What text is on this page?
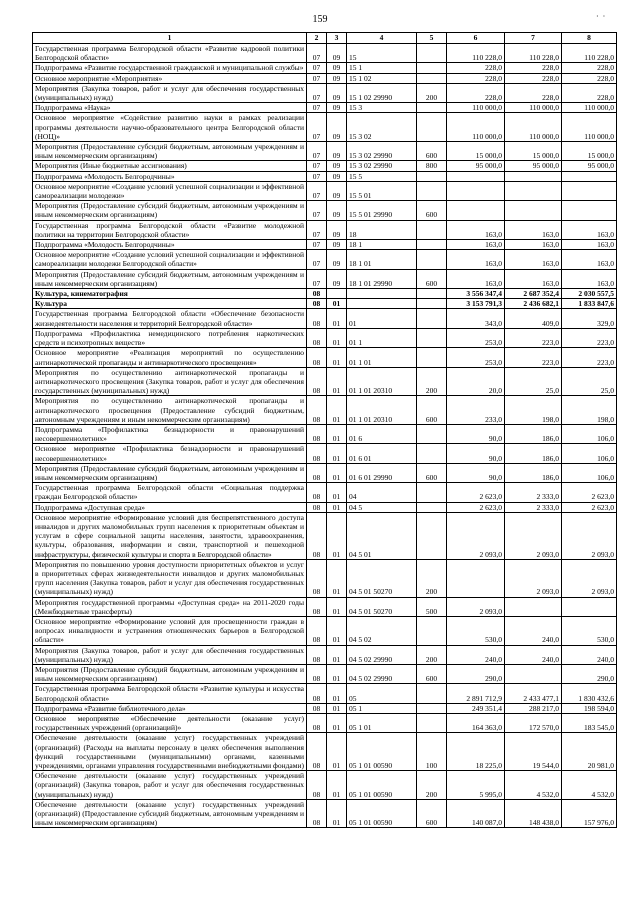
159	· ·
1	2	3	4	5	6	7	8
Государственная программа Белгородской области «Развитие кадровой политики Белгородской области»	07	09	15		110 228,0	110 228,0	110 228,0
Подпрограмма «Развитие государственной гражданской и муниципальной службы»	07	09	15 1		228,0	228,0	228,0
Основное мероприятие «Мероприятия»	07	09	15 1 02		228,0	228,0	228,0
Мероприятия (Закупка товаров, работ и услуг для обеспечения государственных (муниципальных) нужд)	07	09	15 1 02 29990	200	228,0	228,0	228,0
Подпрограмма «Наука»	07	09	15 3		110 000,0	110 000,0	110 000,0
Основное мероприятие «Содействие развитию науки в рамках реализации программы деятельности научно-образовательного центра Белгородской области (НОЦ)»	07	09	15 3 02		110 000,0	110 000,0	110 000,0
Мероприятия (Предоставление субсидий бюджетным, автономным учреждениям и иным некоммерческим организациям)	07	09	15 3 02 29990	600	15 000,0	15 000,0	15 000,0
Мероприятия (Иные бюджетные ассигнования)	07	09	15 3 02 29990	800	95 000,0	95 000,0	95 000,0
Подпрограмма «Молодость Белгородчины»	07	09	15 5				
Основное мероприятие «Создание условий успешной социализации и эффективной самореализации молодежи»	07	09	15 5 01				
Мероприятия (Предоставление субсидий бюджетным, автономным учреждениям и иным некоммерческим организациям)	07	09	15 5 01 29990	600			
Государственная программа Белгородской области «Развитие молодежной политики на территории Белгородской области»	07	09	18		163,0	163,0	163,0
Подпрограмма «Молодость Белгородчины»	07	09	18 1		163,0	163,0	163,0
Основное мероприятие «Создание условий успешной социализации и эффективной самореализации молодежи Белгородской области»	07	09	18 1 01		163,0	163,0	163,0
Мероприятия (Предоставление субсидий бюджетным, автономным учреждениям и иным некоммерческим организациям)	07	09	18 1 01 29990	600	163,0	163,0	163,0
Культура, кинематография	08				3 556 347,4	2 687 352,4	2 030 557,5
Культура	08	01			3 153 791,3	2 436 682,1	1 833 847,6
Государственная программа Белгородской области «Обеспечение безопасности жизнедеятельности населения и территорий Белгородской области»	08	01	01		343,0	409,0	329,0
Подпрограмма «Профилактика немедицинского потребления наркотических средств и психотропных веществ»	08	01	01 1		253,0	223,0	223,0
Основное мероприятие «Реализация мероприятий по осуществлению антинаркотической пропаганды и антинаркотического просвещения»	08	01	01 1 01		253,0	223,0	223,0
Мероприятия по осуществлению антинаркотической пропаганды и антинаркотического просвещения (Закупка товаров, работ и услуг для обеспечения государственных (муниципальных) нужд)	08	01	01 1 01 20310	200	20,0	25,0	25,0
Мероприятия по осуществлению антинаркотической пропаганды и антинаркотического просвещения (Предоставление субсидий бюджетным, автономным учреждениям и иным некоммерческим организациям)	08	01	01 1 01 20310	600	233,0	198,0	198,0
Подпрограмма «Профилактика безнадзорности и правонарушений несовершеннолетних»	08	01	01 6		90,0	186,0	106,0
Основное мероприятие «Профилактика безнадзорности и правонарушений несовершеннолетних»	08	01	01 6 01		90,0	186,0	106,0
Мероприятия (Предоставление субсидий бюджетным, автономным учреждениям и иным некоммерческим организациям)	08	01	01 6 01 29990	600	90,0	186,0	106,0
Государственная программа Белгородской области «Социальная поддержка граждан Белгородской области»	08	01	04		2 623,0	2 333,0	2 623,0
Подпрограмма «Доступная среда»	08	01	04 5		2 623,0	2 333,0	2 623,0
Основное мероприятие «Формирование условий для беспрепятственного доступа инвалидов и других маломобильных групп населения к приоритетным объектам и услугам в сфере социальной защиты населения, занятости, здравоохранения, культуры, образования, информации и связи, транспортной и пешеходной инфраструктуры, физической культуры и спорта в Белгородской области»	08	01	04 5 01		2 093,0	2 093,0	2 093,0
Мероприятия по повышению уровня доступности приоритетных объектов и услуг в приоритетных сферах жизнедеятельности инвалидов и других маломобильных групп населения (Закупка товаров, работ и услуг для обеспечения государственных (муниципальных) нужд)	08	01	04 5 01 50270	200		2 093,0	2 093,0
Мероприятия государственной программы «Доступная среда» на 2011-2020 годы (Межбюджетные трансферты)	08	01	04 5 01 50270	500	2 093,0		
Основное мероприятие «Формирование условий для просвещенности граждан в вопросах инвалидности и устранения отношенческих барьеров в Белгородской области»	08	01	04 5 02		530,0	240,0	530,0
Мероприятия (Закупка товаров, работ и услуг для обеспечения государственных (муниципальных) нужд)	08	01	04 5 02 29990	200	240,0	240,0	240,0
Мероприятия (Предоставление субсидий бюджетным, автономным учреждениям и иным некоммерческим организациям)	08	01	04 5 02 29990	600	290,0		290,0
Государственная программа Белгородской области «Развитие культуры и искусства Белгородской области»	08	01	05		2 891 712,9	2 433 477,1	1 830 432,6
Подпрограмма «Развитие библиотечного дела»	08	01	05 1		249 351,4	288 217,0	198 594,0
Основное мероприятие «Обеспечение деятельности (оказание услуг) государственных учреждений (организаций)»	08	01	05 1 01		164 363,0	172 570,0	183 545,0
Обеспечение деятельности (оказание услуг) государственных учреждений (организаций) (Расходы на выплаты персоналу в целях обеспечения выполнения функций государственными (муниципальными) органами, казенными учреждениями, органами управления государственными внебюджетными фондами)	08	01	05 1 01 00590	100	18 225,0	19 544,0	20 981,0
Обеспечение деятельности (оказание услуг) государственных учреждений (организаций) (Закупка товаров, работ и услуг для обеспечения государственных (муниципальных) нужд)	08	01	05 1 01 00590	200	5 995,0	4 532,0	4 532,0
Обеспечение деятельности (оказание услуг) государственных учреждений (организаций) (Предоставление субсидий бюджетным, автономным учреждениям и иным некоммерческим организациям)	08	01	05 1 01 00590	600	140 087,0	148 438,0	157 976,0
